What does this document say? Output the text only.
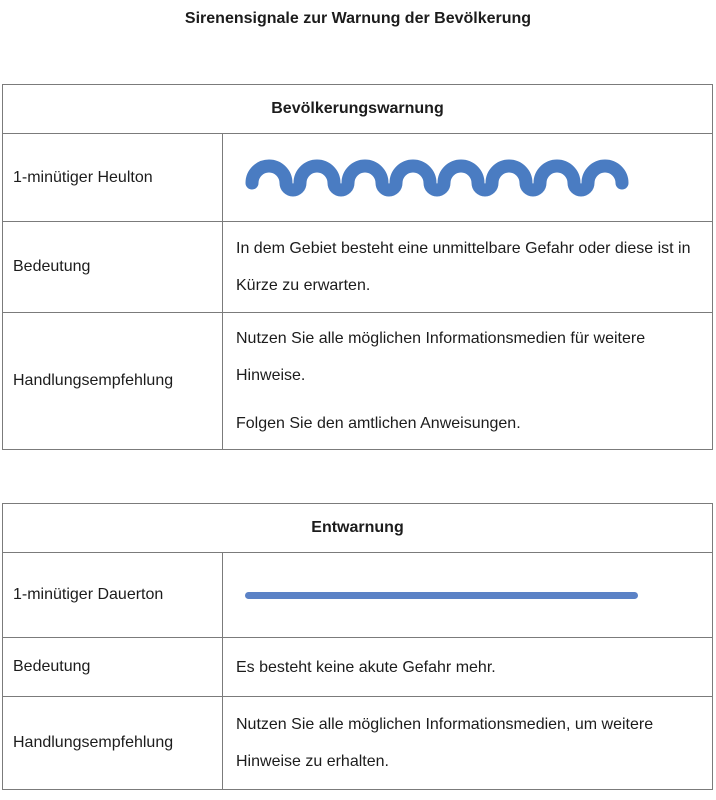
Sirenensignale zur Warnung der Bevölkerung
Bevölkerungswarnung
1-minütiger Heulton
Bedeutung

In dem Gebiet besteht eine unmittelbare Gefahr oder diese ist in Kürze zu erwarten.

Handlungsempfehlung

Nutzen Sie alle möglichen Informationsmedien für weitere Hinweise.

Folgen Sie den amtlichen Anweisungen.

Entwarnung
1-minütiger Dauerton
Bedeutung	Es besteht keine akute Gefahr mehr.

Handlungsempfehlung

Nutzen Sie alle möglichen Informationsmedien, um weitere Hinweise zu erhalten.
